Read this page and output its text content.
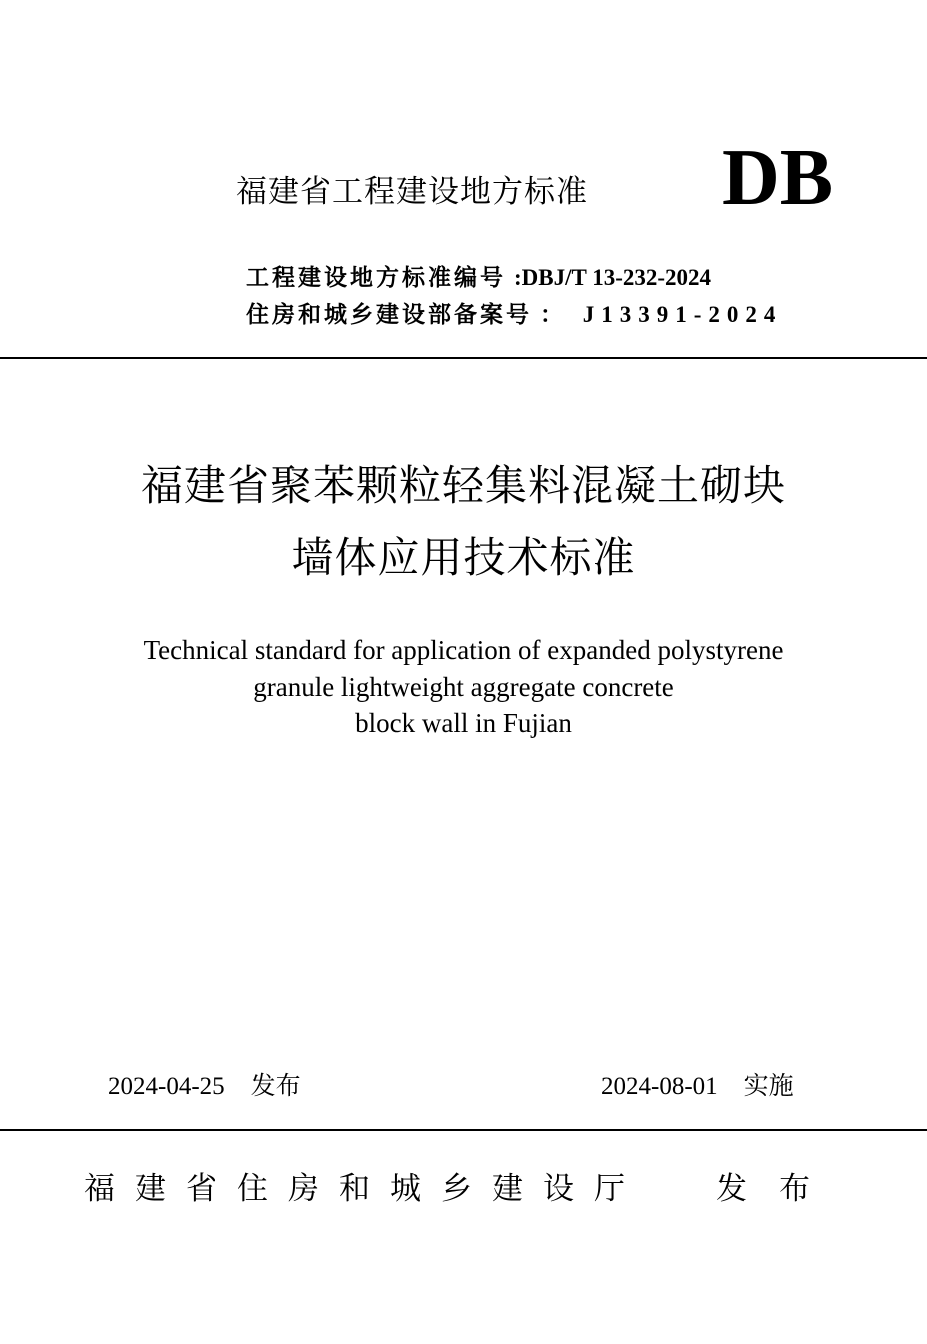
福建省工程建设地方标准 DB
工程建设地方标准编号 :DBJ/T 13-232-2024
住房和城乡建设部备案号 ： J13391-2024
福建省聚苯颗粒轻集料混凝土砌块
墙体应用技术标准
Technical standard for application of expanded polystyrene
granule lightweight aggregate concrete
block wall in Fujian
2024-04-25 发布	2024-08-01 实施
福建省住房和城乡建设厅 发布
